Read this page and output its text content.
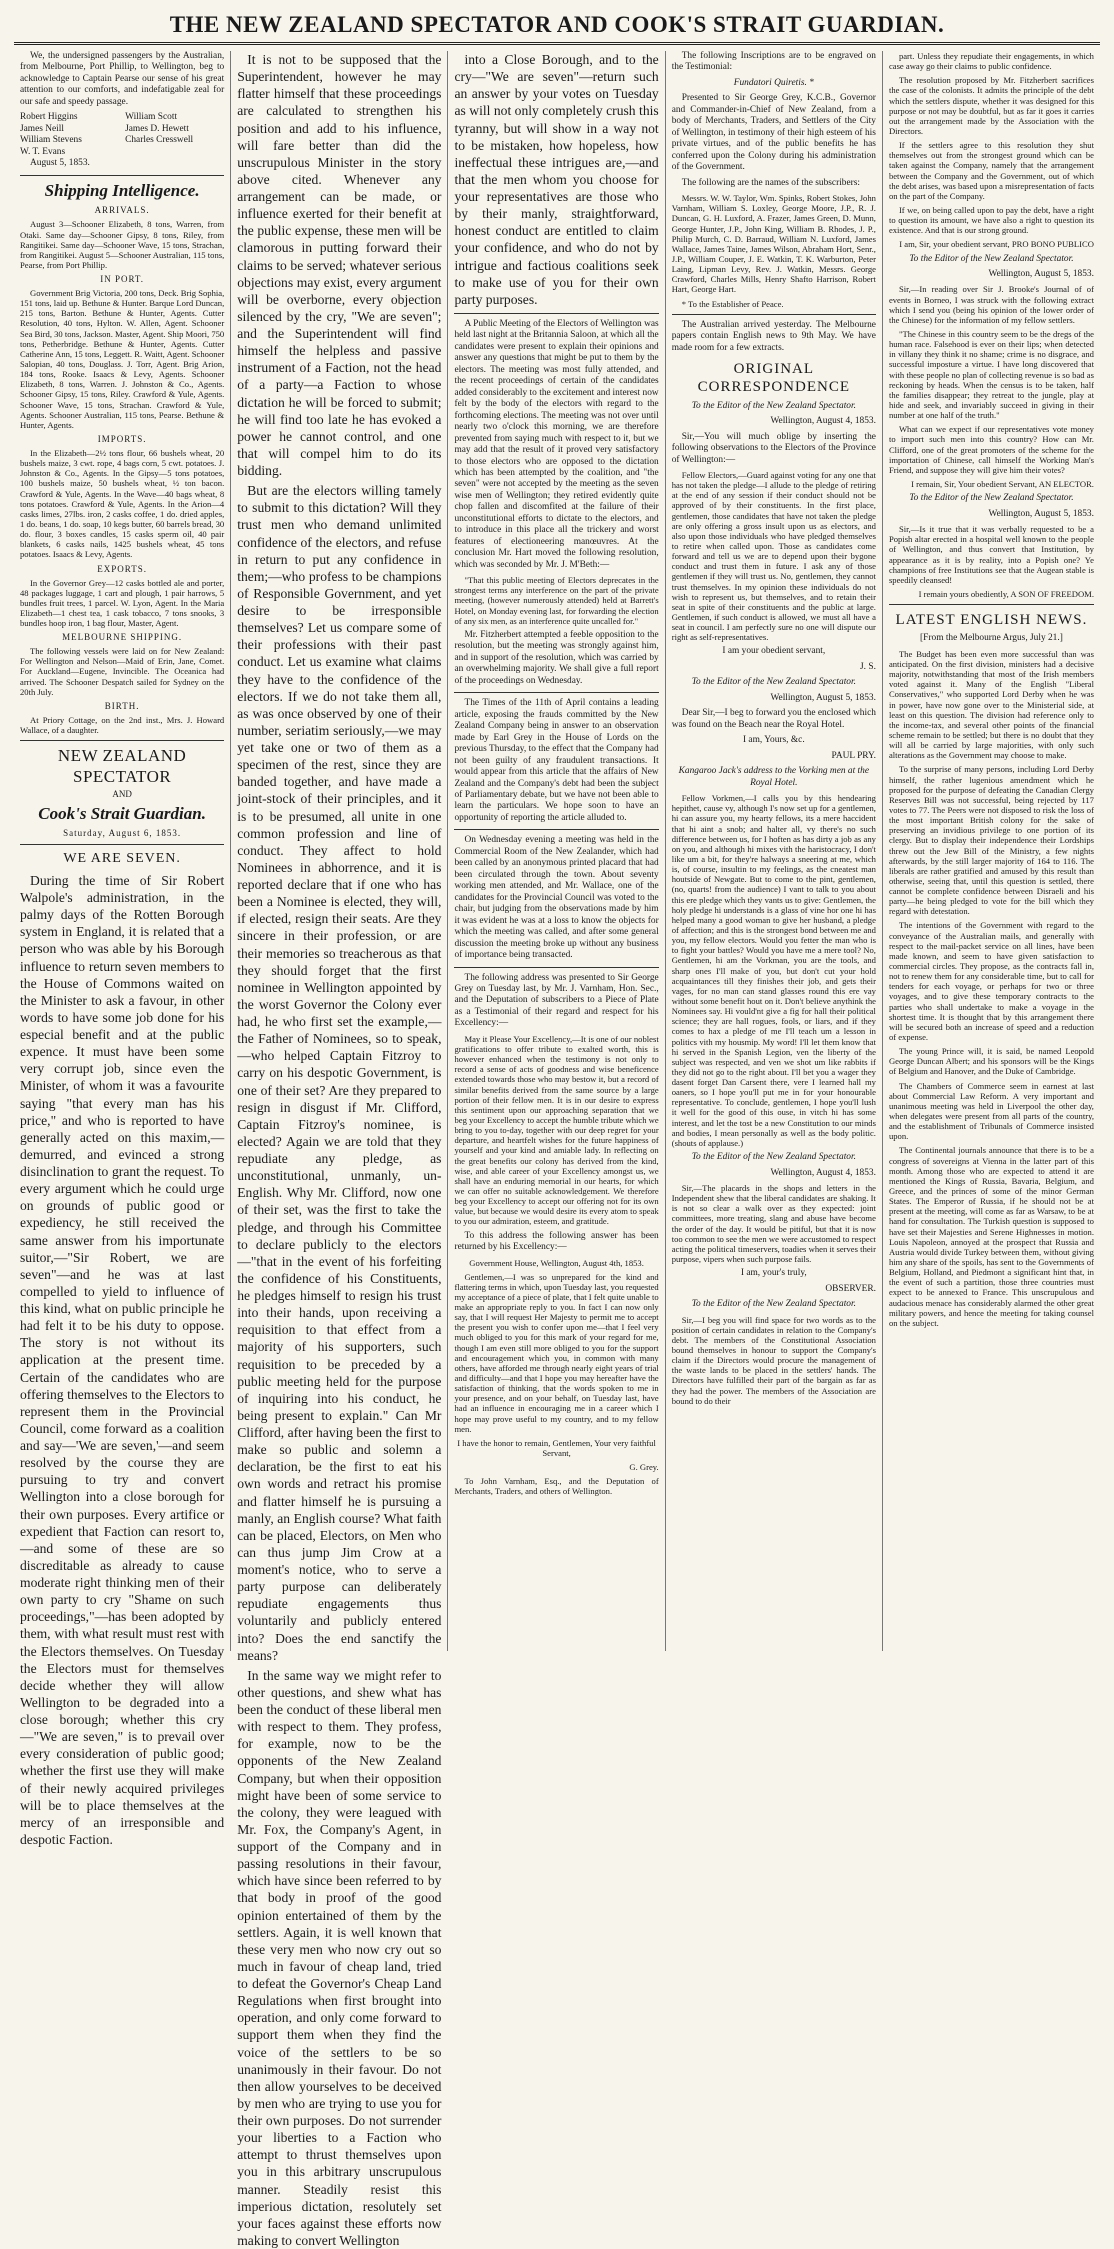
THE NEW ZEALAND SPECTATOR AND COOK'S STRAIT GUARDIAN.

We, the undersigned passengers by the Australian, from Melbourne, Port Phillip, to Wellington, beg to acknowledge to Captain Pearse our sense of his great attention to our comforts, and indefatigable zeal for our safe and speedy passage.

Robert Higgins	William Scott
James Neill	James D. Hewett
William Stevens	Charles Cresswell
W. T. Evans

August 5, 1853.

Shipping Intelligence.
ARRIVALS.

August 3—Schooner Elizabeth, 8 tons, Warren, from Otaki. Same day—Schooner Gipsy, 8 tons, Riley, from Rangitikei. Same day—Schooner Wave, 15 tons, Strachan, from Rangitikei. August 5—Schooner Australian, 115 tons, Pearse, from Port Phillip.

IN PORT.

Government Brig Victoria, 200 tons, Deck. Brig Sophia, 151 tons, laid up. Bethune & Hunter. Barque Lord Duncan, 215 tons, Barton. Bethune & Hunter, Agents. Cutter Resolution, 40 tons, Hylton. W. Allen, Agent. Schooner Sea Bird, 30 tons, Jackson. Master, Agent. Ship Moori, 750 tons, Petherbridge. Bethune & Hunter, Agents. Cutter Catherine Ann, 15 tons, Leggett. R. Waitt, Agent. Schooner Salopian, 40 tons, Douglass. J. Torr, Agent. Brig Arion, 184 tons, Rooke. Isaacs & Levy, Agents. Schooner Elizabeth, 8 tons, Warren. J. Johnston & Co., Agents. Schooner Gipsy, 15 tons, Riley. Crawford & Yule, Agents. Schooner Wave, 15 tons, Strachan. Crawford & Yule, Agents. Schooner Australian, 115 tons, Pearse. Bethune & Hunter, Agents.

IMPORTS.

In the Elizabeth—2½ tons flour, 66 bushels wheat, 20 bushels maize, 3 cwt. rope, 4 bags corn, 5 cwt. potatoes. J. Johnston & Co., Agents. In the Gipsy—5 tons potatoes, 100 bushels maize, 50 bushels wheat, ½ ton bacon. Crawford & Yule, Agents. In the Wave—40 bags wheat, 8 tons potatoes. Crawford & Yule, Agents. In the Arion—4 casks limes, 27lbs. iron, 2 casks coffee, 1 do. dried apples, 1 do. beans, 1 do. soap, 10 kegs butter, 60 barrels bread, 30 do. flour, 3 boxes candles, 15 casks sperm oil, 40 pair blankets, 6 casks nails, 1425 bushels wheat, 45 tons potatoes. Isaacs & Levy, Agents.

EXPORTS.

In the Governor Grey—12 casks bottled ale and porter, 48 packages luggage, 1 cart and plough, 1 pair harrows, 5 bundles fruit trees, 1 parcel. W. Lyon, Agent. In the Maria Elizabeth—1 chest tea, 1 cask tobacco, 7 tons snooks, 3 bundles hoop iron, 1 bag flour, Master, Agent.

MELBOURNE SHIPPING.

The following vessels were laid on for New Zealand: For Wellington and Nelson—Maid of Erin, Jane, Comet. For Auckland—Eugene, Invincible. The Oceanica had arrived. The Schooner Despatch sailed for Sydney on the 20th July.

BIRTH.

At Priory Cottage, on the 2nd inst., Mrs. J. Howard Wallace, of a daughter.

NEW ZEALAND SPECTATOR
AND
Cook's Strait Guardian.
Saturday, August 6, 1853.
WE ARE SEVEN.

During the time of Sir Robert Walpole's administration, in the palmy days of the Rotten Borough system in England, it is related that a person who was able by his Borough influence to return seven members to the House of Commons waited on the Minister to ask a favour, in other words to have some job done for his especial benefit and at the public expence. It must have been some very corrupt job, since even the Minister, of whom it was a favourite saying "that every man has his price," and who is reported to have generally acted on this maxim,—demurred, and evinced a strong disinclination to grant the request. To every argument which he could urge on grounds of public good or expediency, he still received the same answer from his importunate suitor,—"Sir Robert, we are seven"—and he was at last compelled to yield to influence of this kind, what on public principle he had felt it to be his duty to oppose. The story is not without its application at the present time. Certain of the candidates who are offering themselves to the Electors to represent them in the Provincial Council, come forward as a coalition and say—'We are seven,'—and seem resolved by the course they are pursuing to try and convert Wellington into a close borough for their own purposes. Every artifice or expedient that Faction can resort to,—and some of these are so discreditable as already to cause moderate right thinking men of their own party to cry "Shame on such proceedings,"—has been adopted by them, with what result must rest with the Electors themselves. On Tuesday the Electors must for themselves decide whether they will allow Wellington to be degraded into a close borough; whether this cry—"We are seven," is to prevail over every consideration of public good; whether the first use they will make of their newly acquired privileges will be to place themselves at the mercy of an irresponsible and despotic Faction.

It is not to be supposed that the Superintendent, however he may flatter himself that these proceedings are calculated to strengthen his position and add to his influence, will fare better than did the unscrupulous Minister in the story above cited. Whenever any arrangement can be made, or influence exerted for their benefit at the public expense, these men will be clamorous in putting forward their claims to be served; whatever serious objections may exist, every argument will be overborne, every objection silenced by the cry, "We are seven"; and the Superintendent will find himself the helpless and passive instrument of a Faction, not the head of a party—a Faction to whose dictation he will be forced to submit; he will find too late he has evoked a power he cannot control, and one that will compel him to do its bidding.

But are the electors willing tamely to submit to this dictation? Will they trust men who demand unlimited confidence of the electors, and refuse in return to put any confidence in them;—who profess to be champions of Responsible Government, and yet desire to be irresponsible themselves? Let us compare some of their professions with their past conduct. Let us examine what claims they have to the confidence of the electors. If we do not take them all, as was once observed by one of their number, seriatim seriously,—we may yet take one or two of them as a specimen of the rest, since they are banded together, and have made a joint-stock of their principles, and it is to be presumed, all unite in one common profession and line of conduct. They affect to hold Nominees in abhorrence, and it is reported declare that if one who has been a Nominee is elected, they will, if elected, resign their seats. Are they sincere in their profession, or are their memories so treacherous as that they should forget that the first nominee in Wellington appointed by the worst Governor the Colony ever had, he who first set the example,—the Father of Nominees, so to speak,—who helped Captain Fitzroy to carry on his despotic Government, is one of their set? Are they prepared to resign in disgust if Mr. Clifford, Captain Fitzroy's nominee, is elected? Again we are told that they repudiate any pledge, as unconstitutional, unmanly, un-English. Why Mr. Clifford, now one of their set, was the first to take the pledge, and through his Committee to declare publicly to the electors—"that in the event of his forfeiting the confidence of his Constituents, he pledges himself to resign his trust into their hands, upon receiving a requisition to that effect from a majority of his supporters, such requisition to be preceded by a public meeting held for the purpose of inquiring into his conduct, he being present to explain." Can Mr Clifford, after having been the first to make so public and solemn a declaration, be the first to eat his own words and retract his promise and flatter himself he is pursuing a manly, an English course? What faith can be placed, Electors, on Men who can thus jump Jim Crow at a moment's notice, who to serve a party purpose can deliberately repudiate engagements thus voluntarily and publicly entered into? Does the end sanctify the means?

In the same way we might refer to other questions, and shew what has been the conduct of these liberal men with respect to them. They profess, for example, now to be the opponents of the New Zealand Company, but when their opposition might have been of some service to the colony, they were leagued with Mr. Fox, the Company's Agent, in support of the Company and in passing resolutions in their favour, which have since been referred to by that body in proof of the good opinion entertained of them by the settlers. Again, it is well known that these very men who now cry out so much in favour of cheap land, tried to defeat the Governor's Cheap Land Regulations when first brought into operation, and only come forward to support them when they find the voice of the settlers to be so unanimously in their favour. Do not then allow yourselves to be deceived by men who are trying to use you for their own purposes. Do not surrender your liberties to a Faction who attempt to thrust themselves upon you in this arbitrary unscrupulous manner. Steadily resist this imperious dictation, resolutely set your faces against these efforts now making to convert Wellington

into a Close Borough, and to the cry—"We are seven"—return such an answer by your votes on Tuesday as will not only completely crush this tyranny, but will show in a way not to be mistaken, how hopeless, how ineffectual these intrigues are,—and that the men whom you choose for your representatives are those who by their manly, straightforward, honest conduct are entitled to claim your confidence, and who do not by intrigue and factious coalitions seek to make use of you for their own party purposes.

A Public Meeting of the Electors of Wellington was held last night at the Britannia Saloon, at which all the candidates were present to explain their opinions and answer any questions that might be put to them by the electors. The meeting was most fully attended, and the recent proceedings of certain of the candidates added considerably to the excitement and interest now felt by the body of the electors with regard to the forthcoming elections. The meeting was not over until nearly two o'clock this morning, we are therefore prevented from saying much with respect to it, but we may add that the result of it proved very satisfactory to those electors who are opposed to the dictation which has been attempted by the coalition, and "the seven" were not accepted by the meeting as the seven wise men of Wellington; they retired evidently quite chop fallen and discomfited at the failure of their unconstitutional efforts to dictate to the electors, and to introduce in this place all the trickery and worst features of electioneering manœuvres. At the conclusion Mr. Hart moved the following resolution, which was seconded by Mr. J. M'Beth:—

"That this public meeting of Electors deprecates in the strongest terms any interference on the part of the private meeting, (however numerously attended) held at Barrett's Hotel, on Monday evening last, for forwarding the election of any six men, as an interference quite uncalled for."

Mr. Fitzherbert attempted a feeble opposition to the resolution, but the meeting was strongly against him, and in support of the resolution, which was carried by an overwhelming majority. We shall give a full report of the proceedings on Wednesday.

The Times of the 11th of April contains a leading article, exposing the frauds committed by the New Zealand Company being in answer to an observation made by Earl Grey in the House of Lords on the previous Thursday, to the effect that the Company had not been guilty of any fraudulent transactions. It would appear from this article that the affairs of New Zealand and the Company's debt had been the subject of Parliamentary debate, but we have not been able to learn the particulars. We hope soon to have an opportunity of reporting the article alluded to.

On Wednesday evening a meeting was held in the Commercial Room of the New Zealander, which had been called by an anonymous printed placard that had been circulated through the town. About seventy working men attended, and Mr. Wallace, one of the candidates for the Provincial Council was voted to the chair, but judging from the observations made by him it was evident he was at a loss to know the objects for which the meeting was called, and after some general discussion the meeting broke up without any business of importance being transacted.

The following address was presented to Sir George Grey on Tuesday last, by Mr. J. Varnham, Hon. Sec., and the Deputation of subscribers to a Piece of Plate as a Testimonial of their regard and respect for his Excellency:—

May it Please Your Excellency,—It is one of our noblest gratifications to offer tribute to exalted worth, this is however enhanced when the testimony is not only to record a sense of acts of goodness and wise beneficence extended towards those who may bestow it, but a record of similar benefits derived from the same source by a large portion of their fellow men. It is in our desire to express this sentiment upon our approaching separation that we beg your Excellency to accept the humble tribute which we bring to you to-day, together with our deep regret for your departure, and heartfelt wishes for the future happiness of yourself and your kind and amiable lady. In reflecting on the great benefits our colony has derived from the kind, wise, and able career of your Excellency amongst us, we shall have an enduring memorial in our hearts, for which we can offer no suitable acknowledgement. We therefore beg your Excellency to accept our offering not for its own value, but because we would desire its every atom to speak to you our admiration, esteem, and gratitude.

To this address the following answer has been returned by his Excellency:—

Government House, Wellington, August 4th, 1853.

Gentlemen,—I was so unprepared for the kind and flattering terms in which, upon Tuesday last, you requested my acceptance of a piece of plate, that I felt quite unable to make an appropriate reply to you. In fact I can now only say, that I will request Her Majesty to permit me to accept the present you wish to confer upon me—that I feel very much obliged to you for this mark of your regard for me, though I am even still more obliged to you for the support and encouragement which you, in common with many others, have afforded me through nearly eight years of trial and difficulty—and that I hope you may hereafter have the satisfaction of thinking, that the words spoken to me in your presence, and on your behalf, on Tuesday last, have had an influence in encouraging me in a career which I hope may prove useful to my country, and to my fellow men.

I have the honor to remain, Gentlemen, Your very faithful Servant,

G. Grey.

To John Varnham, Esq., and the Deputation of Merchants, Traders, and others of Wellington.

The following Inscriptions are to be engraved on the Testimonial:

Fundatori Quiretis. *

Presented to Sir George Grey, K.C.B., Governor and Commander-in-Chief of New Zealand, from a body of Merchants, Traders, and Settlers of the City of Wellington, in testimony of their high esteem of his private virtues, and of the public benefits he has conferred upon the Colony during his administration of the Government.

The following are the names of the subscribers:

Messrs. W. W. Taylor, Wm. Spinks, Robert Stokes, John Varnham, William S. Loxley, George Moore, J.P., R. J. Duncan, G. H. Luxford, A. Frazer, James Green, D. Munn, George Hunter, J.P., John King, William B. Rhodes, J. P., Philip Murch, C. D. Barraud, William N. Luxford, James Wallace, James Taine, James Wilson, Abraham Hort, Senr., J.P., William Couper, J. E. Watkin, T. K. Warburton, Peter Laing, Lipman Levy, Rev. J. Watkin, Messrs. George Crawford, Charles Mills, Henry Shafto Harrison, Robert Hart, George Hart.

* To the Establisher of Peace.

The Australian arrived yesterday. The Melbourne papers contain English news to 9th May. We have made room for a few extracts.

ORIGINAL CORRESPONDENCE

To the Editor of the New Zealand Spectator.

Wellington, August 4, 1853.

Sir,—You will much oblige by inserting the following observations to the Electors of the Province of Wellington:—

Fellow Electors,—Guard against voting for any one that has not taken the pledge—I allude to the pledge of retiring at the end of any session if their conduct should not be approved of by their constituents. In the first place, gentlemen, those candidates that have not taken the pledge are only offering a gross insult upon us as electors, and also upon those individuals who have pledged themselves to retire when called upon. Those as candidates come forward and tell us we are to depend upon their bygone conduct and trust them in future. I ask any of those gentlemen if they will trust us. No, gentlemen, they cannot trust themselves. In my opinion these individuals do not wish to represent us, but themselves, and to retain their seat in spite of their constituents and the public at large. Gentlemen, if such conduct is allowed, we must all have a seat in council. I am perfectly sure no one will dispute our right as self-representatives.

I am your obedient servant,

J. S.

To the Editor of the New Zealand Spectator.

Wellington, August 5, 1853.

Dear Sir,—I beg to forward you the enclosed which was found on the Beach near the Royal Hotel.

I am, Yours, &c.

PAUL PRY.

Kangaroo Jack's address to the Vorking men at the Royal Hotel.

Fellow Vorkmen,—I calls you by this hendearing hepithet, cause vy, although I's now set up for a gentlemen, hi can assure you, my hearty fellows, its a mere haccident that hi aint a snob; and halter all, vy there's no such difference between us, for I hoften as has dirty a job as any on you, and although hi mixes vith the haristocracy, I don't like um a bit, for they're halways a sneering at me, which is, of course, insultin to my feelings, as the cneatest man houtside of Newgate. But to come to the pint, gentlemen, (no, quarts! from the audience) I vant to talk to you about this ere pledge which they vants us to give: Gentlemen, the holy pledge hi understands is a glass of vine hor one hi has helped many a good woman to give her husband, a pledge of affection; and this is the strongest bond between me and you, my fellow electors. Would you fetter the man who is to fight your battles? Would you have me a mere tool? No, Gentlemen, hi am the Vorkman, you are the tools, and sharp ones I'll make of you, but don't cut your hold acquaintances till they finishes their job, and gets their vages, for no man can stand glasses round this ere vay without some benefit hout on it. Don't believe anythink the Nominees say. Hi vould'nt give a fig for hall their political science; they are hall rogues, fools, or liars, and if they comes to hax a pledge of me I'll teach um a lesson in politics vith my housmip. My word! I'll let them know that hi served in the Spanish Legion, ven the liberty of the subject was respected, and ven we shot um like rabbits if they did not go to the right about. I'll bet you a wager they dasent forget Dan Carsent there, vere I learned hall my oaners, so I hope you'll put me in for your honourable representative. To conclude, gentlemen, I hope you'll lush it well for the good of this ouse, in vitch hi has some interest, and let the tost be a new Constitution to our minds and bodies, I mean personally as well as the body politic. (shouts of applause.)

To the Editor of the New Zealand Spectator.

Wellington, August 4, 1853.

Sir,—The placards in the shops and letters in the Independent shew that the liberal candidates are shaking. It is not so clear a walk over as they expected: joint committees, more treating, slang and abuse have become the order of the day. It would be pitiful, but that it is now too common to see the men we were accustomed to respect acting the political timeservers, toadies when it serves their purpose, vipers when such purpose fails.

I am, your's truly,

OBSERVER.

To the Editor of the New Zealand Spectator.

Sir,—I beg you will find space for two words as to the position of certain candidates in relation to the Company's debt. The members of the Constitutional Association bound themselves in honour to support the Company's claim if the Directors would procure the management of the waste lands to be placed in the settlers' hands. The Directors have fulfilled their part of the bargain as far as they had the power. The members of the Association are bound to do their

part. Unless they repudiate their engagements, in which case away go their claims to public confidence.

The resolution proposed by Mr. Fitzherbert sacrifices the case of the colonists. It admits the principle of the debt which the settlers dispute, whether it was designed for this purpose or not may be doubtful, but as far it goes it carries out the arrangement made by the Association with the Directors.

If the settlers agree to this resolution they shut themselves out from the strongest ground which can be taken against the Company, namely that the arrangement between the Company and the Government, out of which the debt arises, was based upon a misrepresentation of facts on the part of the Company.

If we, on being called upon to pay the debt, have a right to question its amount, we have also a right to question its existence. And that is our strong ground.

I am, Sir, your obedient servant, PRO BONO PUBLICO

To the Editor of the New Zealand Spectator.

Wellington, August 5, 1853.

Sir,—In reading over Sir J. Brooke's Journal of of events in Borneo, I was struck with the following extract which I send you (being his opinion of the lower order of the Chinese) for the information of my fellow settlers.

"The Chinese in this country seem to be the dregs of the human race. Falsehood is ever on their lips; when detected in villany they think it no shame; crime is no disgrace, and successful imposture a virtue. I have long discovered that with these people no plan of collecting revenue is so bad as reckoning by heads. When the census is to be taken, half the families disappear; they retreat to the jungle, play at hide and seek, and invariably succeed in giving in their number at one half of the truth."

What can we expect if our representatives vote money to import such men into this country? How can Mr. Clifford, one of the great promoters of the scheme for the importation of Chinese, call himself the Working Man's Friend, and suppose they will give him their votes?

I remain, Sir, Your obedient Servant, AN ELECTOR.

To the Editor of the New Zealand Spectator.

Wellington, August 5, 1853.

Sir,—Is it true that it was verbally requested to be a Popish altar erected in a hospital well known to the people of Wellington, and thus convert that Institution, by appearance as it is by reality, into a Popish one? Ye champions of free Institutions see that the Augean stable is speedily cleansed!

I remain yours obediently, A SON OF FREEDOM.

LATEST ENGLISH NEWS.

[From the Melbourne Argus, July 21.]

The Budget has been even more successful than was anticipated. On the first division, ministers had a decisive majority, notwithstanding that most of the Irish members voted against it. Many of the English "Liberal Conservatives," who supported Lord Derby when he was in power, have now gone over to the Ministerial side, at least on this question. The division had reference only to the income-tax, and several other points of the financial scheme remain to be settled; but there is no doubt that they will all be carried by large majorities, with only such alterations as the Government may choose to make.

To the surprise of many persons, including Lord Derby himself, the rather lugenious amendment which he proposed for the purpose of defeating the Canadian Clergy Reserves Bill was not successful, being rejected by 117 votes to 77. The Peers were not disposed to risk the loss of the most important British colony for the sake of preserving an invidious privilege to one portion of its clergy. But to display their independence their Lordships threw out the Jew Bill of the Ministry, a few nights afterwards, by the still larger majority of 164 to 116. The liberals are rather gratified and amused by this result than otherwise, seeing that, until this question is settled, there cannot be complete confidence between Disraeli and his party—he being pledged to vote for the bill which they regard with detestation.

The intentions of the Government with regard to the conveyance of the Australian mails, and generally with respect to the mail-packet service on all lines, have been made known, and seem to have given satisfaction to commercial circles. They propose, as the contracts fall in, not to renew them for any considerable time, but to call for tenders for each voyage, or perhaps for two or three voyages, and to give these temporary contracts to the parties who shall undertake to make a voyage in the shortest time. It is thought that by this arrangement there will be secured both an increase of speed and a reduction of expense.

The young Prince will, it is said, be named Leopold George Duncan Albert; and his sponsors will be the Kings of Belgium and Hanover, and the Duke of Cambridge.

The Chambers of Commerce seem in earnest at last about Commercial Law Reform. A very important and unanimous meeting was held in Liverpool the other day, when delegates were present from all parts of the country, and the establishment of Tribunals of Commerce insisted upon.

The Continental journals announce that there is to be a congress of sovereigns at Vienna in the latter part of this month. Among those who are expected to attend it are mentioned the Kings of Russia, Bavaria, Belgium, and Greece, and the princes of some of the minor German States. The Emperor of Russia, if he should not be at present at the meeting, will come as far as Warsaw, to be at hand for consultation. The Turkish question is supposed to have set their Majesties and Serene Highnesses in motion. Louis Napoleon, annoyed at the prospect that Russia and Austria would divide Turkey between them, without giving him any share of the spoils, has sent to the Governments of Belgium, Holland, and Piedmont a significant hint that, in the event of such a partition, those three countries must expect to be annexed to France. This unscrupulous and audacious menace has considerably alarmed the other great military powers, and hence the meeting for taking counsel on the subject.
